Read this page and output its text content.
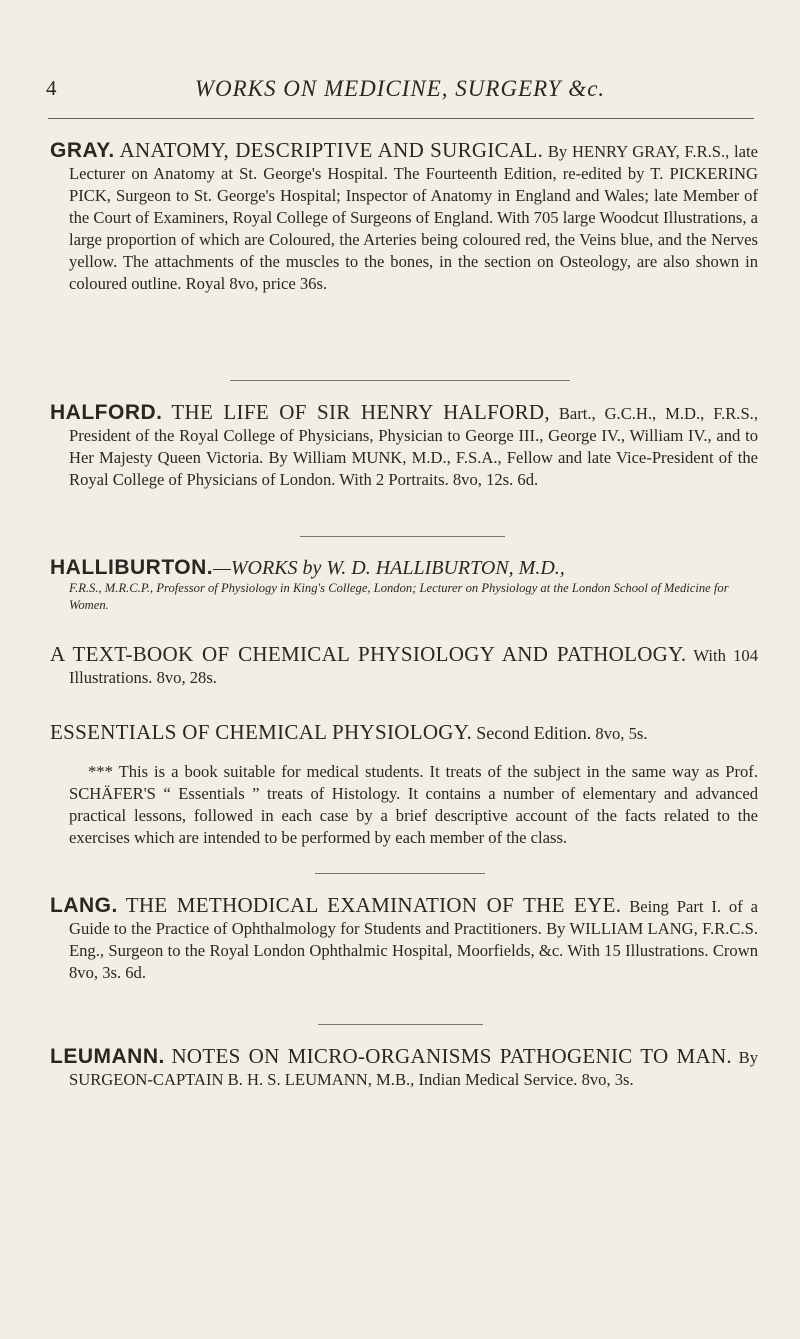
4	WORKS ON MEDICINE, SURGERY &c.

GRAY. ANATOMY, DESCRIPTIVE AND SURGICAL. By HENRY GRAY, F.R.S., late Lecturer on Anatomy at St. George's Hospital. The Fourteenth Edition, re-edited by T. PICKERING PICK, Surgeon to St. George's Hospital; Inspector of Anatomy in England and Wales; late Member of the Court of Examiners, Royal College of Surgeons of England. With 705 large Woodcut Illustrations, a large proportion of which are Coloured, the Arteries being coloured red, the Veins blue, and the Nerves yellow. The attachments of the muscles to the bones, in the section on Osteology, are also shown in coloured outline. Royal 8vo, price 36s.

HALFORD. THE LIFE OF SIR HENRY HALFORD, Bart., G.C.H., M.D., F.R.S., President of the Royal College of Physicians, Physician to George III., George IV., William IV., and to Her Majesty Queen Victoria. By William MUNK, M.D., F.S.A., Fellow and late Vice-President of the Royal College of Physicians of London. With 2 Portraits. 8vo, 12s. 6d.

HALLIBURTON.—WORKS by W. D. HALLIBURTON, M.D.,

F.R.S., M.R.C.P., Professor of Physiology in King's College, London; Lecturer on Physiology at the London School of Medicine for Women.

A TEXT-BOOK OF CHEMICAL PHYSIOLOGY AND PATHOLOGY. With 104 Illustrations. 8vo, 28s.

ESSENTIALS OF CHEMICAL PHYSIOLOGY. Second Edition. 8vo, 5s.

*** This is a book suitable for medical students. It treats of the subject in the same way as Prof. SCHÄFER'S “ Essentials ” treats of Histology. It contains a number of elementary and advanced practical lessons, followed in each case by a brief descriptive account of the facts related to the exercises which are intended to be performed by each member of the class.

LANG. THE METHODICAL EXAMINATION OF THE EYE. Being Part I. of a Guide to the Practice of Ophthalmology for Students and Practitioners. By WILLIAM LANG, F.R.C.S. Eng., Surgeon to the Royal London Ophthalmic Hospital, Moorfields, &c. With 15 Illustrations. Crown 8vo, 3s. 6d.

LEUMANN. NOTES ON MICRO-ORGANISMS PATHOGENIC TO MAN. By SURGEON-CAPTAIN B. H. S. LEUMANN, M.B., Indian Medical Service. 8vo, 3s.
